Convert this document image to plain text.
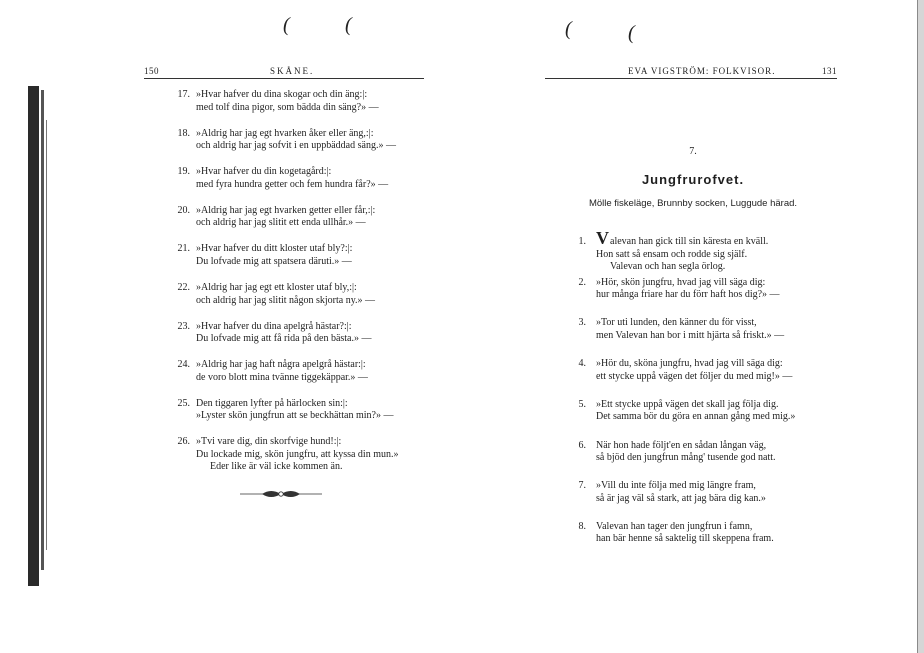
(	(
150	SKÅNE.
17. »Hvar hafver du dina skogar och din äng:|:
med tolf dina pigor, som bädda din säng?» —
18. »Aldrig har jag egt hvarken åker eller äng,:|:
och aldrig har jag sofvit i en uppbäddad säng.» —
19. »Hvar hafver du din kogetagård:|:
med fyra hundra getter och fem hundra får?» —
20. »Aldrig har jag egt hvarken getter eller får,:|:
och aldrig har jag slitit ett enda ullhår.» —
21. »Hvar hafver du ditt kloster utaf bly?:|:
Du lofvade mig att spatsera däruti.» —
22. »Aldrig har jag egt ett kloster utaf bly,:|:
och aldrig har jag slitit någon skjorta ny.» —
23. »Hvar hafver du dina apelgrå hästar?:|:
Du lofvade mig att få rida på den bästa.» —
24. »Aldrig har jag haft några apelgrå hästar:|:
de voro blott mina tvänne tiggekäppar.» —
25. Den tiggaren lyfter på härlocken sin:|:
»Lyster skön jungfrun att se beckhättan min?» —
26. »Tvi vare dig, din skorfvige hund!:|:
Du lockade mig, skön jungfru, att kyssa din mun.»
Eder like är väl icke kommen än.
(	(
EVA VIGSTRÖM: FOLKVISOR.	131
7.
Jungfrurofvet.
Mölle fiskeläge, Brunnby socken, Luggude härad.
1. Valevan han gick till sin käresta en kväll.
Hon satt så ensam och rodde sig själf.
Valevan och han segla örlog.
2. »Hör, skön jungfru, hvad jag vill säga dig:
hur många friare har du förr haft hos dig?» —
3. »Tor uti lunden, den känner du för visst,
men Valevan han bor i mitt hjärta så friskt.» —
4. »Hör du, sköna jungfru, hvad jag vill säga dig:
ett stycke uppå vägen det följer du med mig!» —
5. »Ett stycke uppå vägen det skall jag följa dig.
Det samma bör du göra en annan gång med mig.»
6. När hon hade följt'en en sådan långan väg,
så bjöd den jungfrun mång' tusende god natt.
7. »Vill du inte följa med mig längre fram,
så är jag väl så stark, att jag bära dig kan.»
8. Valevan han tager den jungfrun i famn,
han bär henne så saktelig till skeppena fram.
